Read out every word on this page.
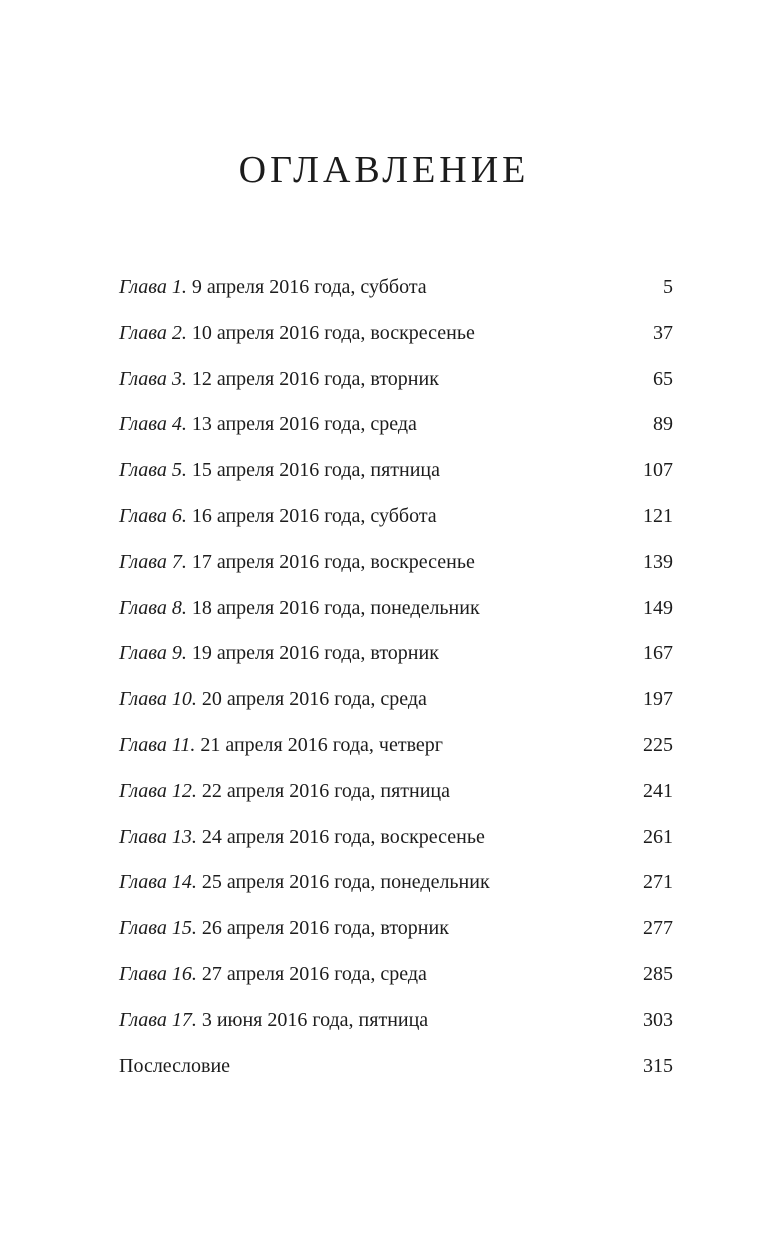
ОГЛАВЛЕНИЕ
Глава 1. 9 апреля 2016 года, суббота	5
Глава 2. 10 апреля 2016 года, воскресенье	37
Глава 3. 12 апреля 2016 года, вторник	65
Глава 4. 13 апреля 2016 года, среда	89
Глава 5. 15 апреля 2016 года, пятница	107
Глава 6. 16 апреля 2016 года, суббота	121
Глава 7. 17 апреля 2016 года, воскресенье	139
Глава 8. 18 апреля 2016 года, понедельник	149
Глава 9. 19 апреля 2016 года, вторник	167
Глава 10. 20 апреля 2016 года, среда	197
Глава 11. 21 апреля 2016 года, четверг	225
Глава 12. 22 апреля 2016 года, пятница	241
Глава 13. 24 апреля 2016 года, воскресенье	261
Глава 14. 25 апреля 2016 года, понедельник	271
Глава 15. 26 апреля 2016 года, вторник	277
Глава 16. 27 апреля 2016 года, среда	285
Глава 17. 3 июня 2016 года, пятница	303
Послесловие	315
